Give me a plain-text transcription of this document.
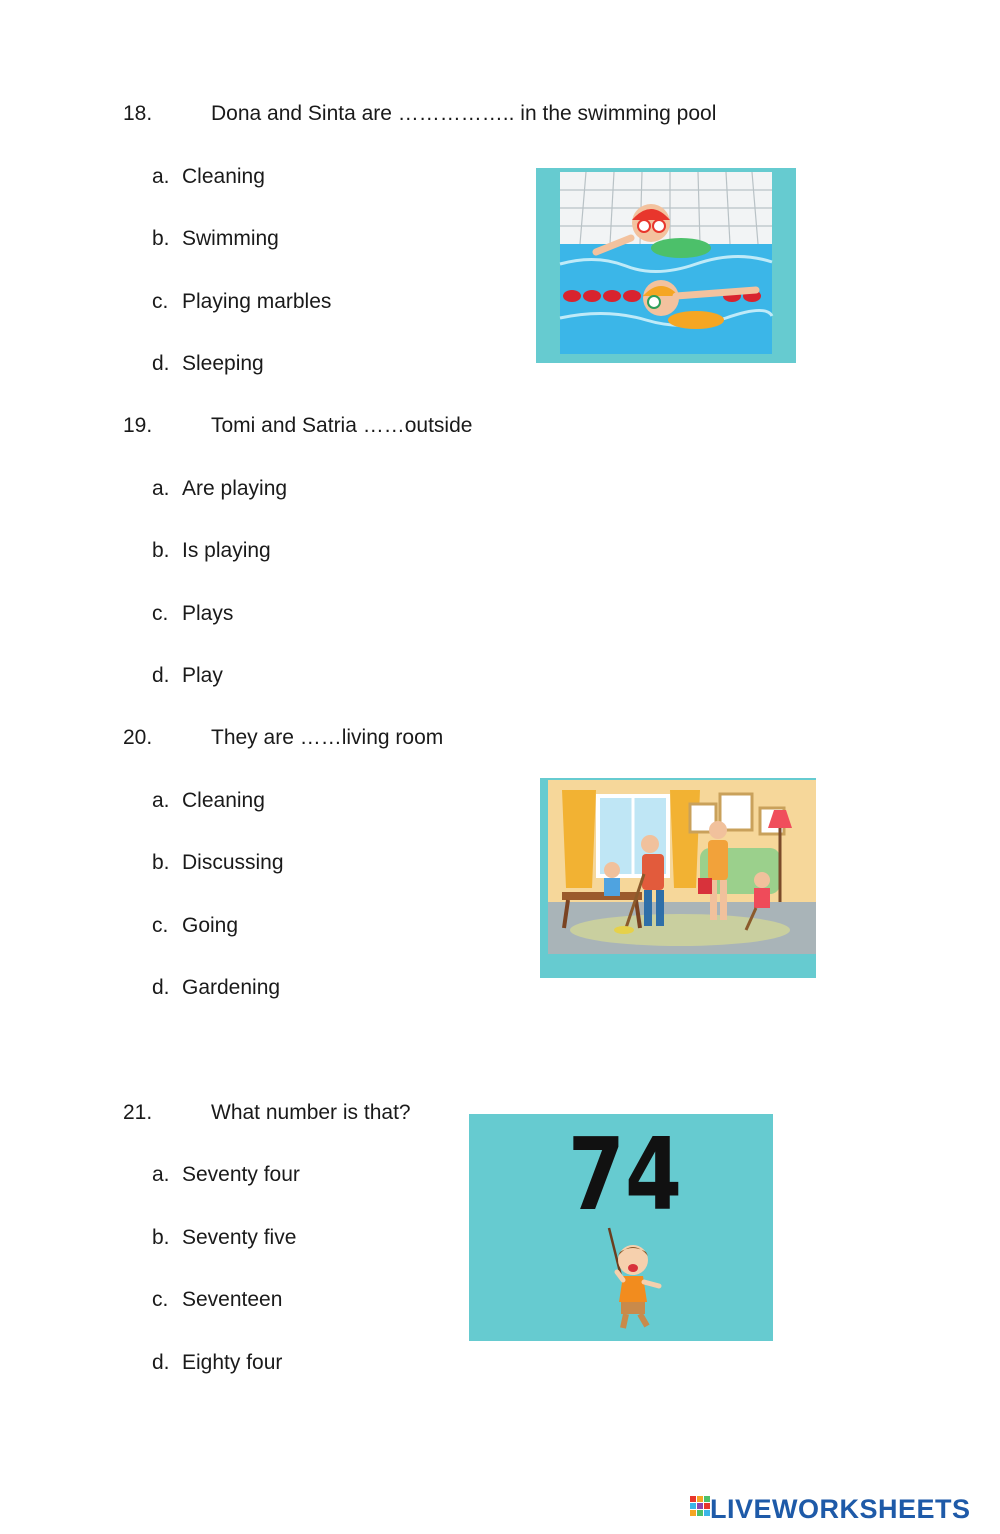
18.	Dona and Sinta are …………….. in the swimming pool
a. Cleaning
b. Swimming
c. Playing marbles
d. Sleeping
19.	Tomi and Satria ……outside
a. Are playing
b. Is playing
c. Plays
d. Play
20.	They are ……living room
a. Cleaning
b. Discussing
c. Going
d. Gardening
21.	What number is that?
a. Seventy four
b. Seventy five
c. Seventeen
d. Eighty four
74
LIVEWORKSHEETS
